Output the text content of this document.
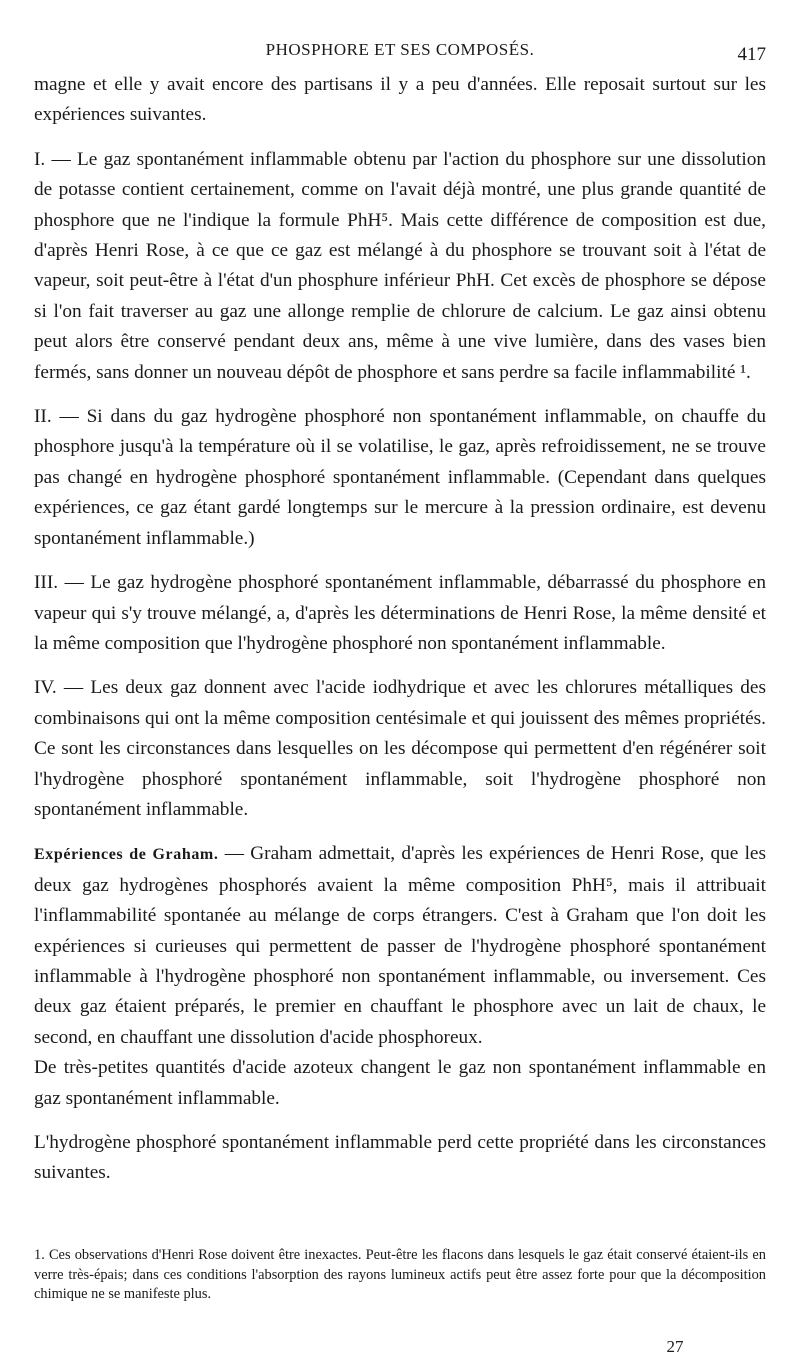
PHOSPHORE ET SES COMPOSÉS.	417

magne et elle y avait encore des partisans il y a peu d'années. Elle reposait surtout sur les expériences suivantes.

I. — Le gaz spontanément inflammable obtenu par l'action du phosphore sur une dissolution de potasse contient certainement, comme on l'avait déjà montré, une plus grande quantité de phosphore que ne l'indique la formule PhH⁵. Mais cette différence de composition est due, d'après Henri Rose, à ce que ce gaz est mélangé à du phosphore se trouvant soit à l'état de vapeur, soit peut-être à l'état d'un phosphure inférieur PhH. Cet excès de phosphore se dépose si l'on fait traverser au gaz une allonge remplie de chlorure de calcium. Le gaz ainsi obtenu peut alors être conservé pendant deux ans, même à une vive lumière, dans des vases bien fermés, sans donner un nouveau dépôt de phosphore et sans perdre sa facile inflammabilité ¹.

II. — Si dans du gaz hydrogène phosphoré non spontanément inflammable, on chauffe du phosphore jusqu'à la température où il se volatilise, le gaz, après refroidissement, ne se trouve pas changé en hydrogène phosphoré spontanément inflammable. (Cependant dans quelques expériences, ce gaz étant gardé longtemps sur le mercure à la pression ordinaire, est devenu spontanément inflammable.)

III. — Le gaz hydrogène phosphoré spontanément inflammable, débarrassé du phosphore en vapeur qui s'y trouve mélangé, a, d'après les déterminations de Henri Rose, la même densité et la même composition que l'hydrogène phosphoré non spontanément inflammable.

IV. — Les deux gaz donnent avec l'acide iodhydrique et avec les chlorures métalliques des combinaisons qui ont la même composition centésimale et qui jouissent des mêmes propriétés. Ce sont les circonstances dans lesquelles on les décompose qui permettent d'en régénérer soit l'hydrogène phosphoré spontanément inflammable, soit l'hydrogène phosphoré non spontanément inflammable.

Expériences de Graham. — Graham admettait, d'après les expériences de Henri Rose, que les deux gaz hydrogènes phosphorés avaient la même composition PhH⁵, mais il attribuait l'inflammabilité spontanée au mélange de corps étrangers. C'est à Graham que l'on doit les expériences si curieuses qui permettent de passer de l'hydrogène phosphoré spontanément inflammable à l'hydrogène phosphoré non spontanément inflammable, ou inversement. Ces deux gaz étaient préparés, le premier en chauffant le phosphore avec un lait de chaux, le second, en chauffant une dissolution d'acide phosphoreux.

De très-petites quantités d'acide azoteux changent le gaz non spontanément inflammable en gaz spontanément inflammable.

L'hydrogène phosphoré spontanément inflammable perd cette propriété dans les circonstances suivantes.

1. Ces observations d'Henri Rose doivent être inexactes. Peut-être les flacons dans lesquels le gaz était conservé étaient-ils en verre très-épais; dans ces conditions l'absorption des rayons lumineux actifs peut être assez forte pour que la décomposition chimique ne se manifeste plus.

27
